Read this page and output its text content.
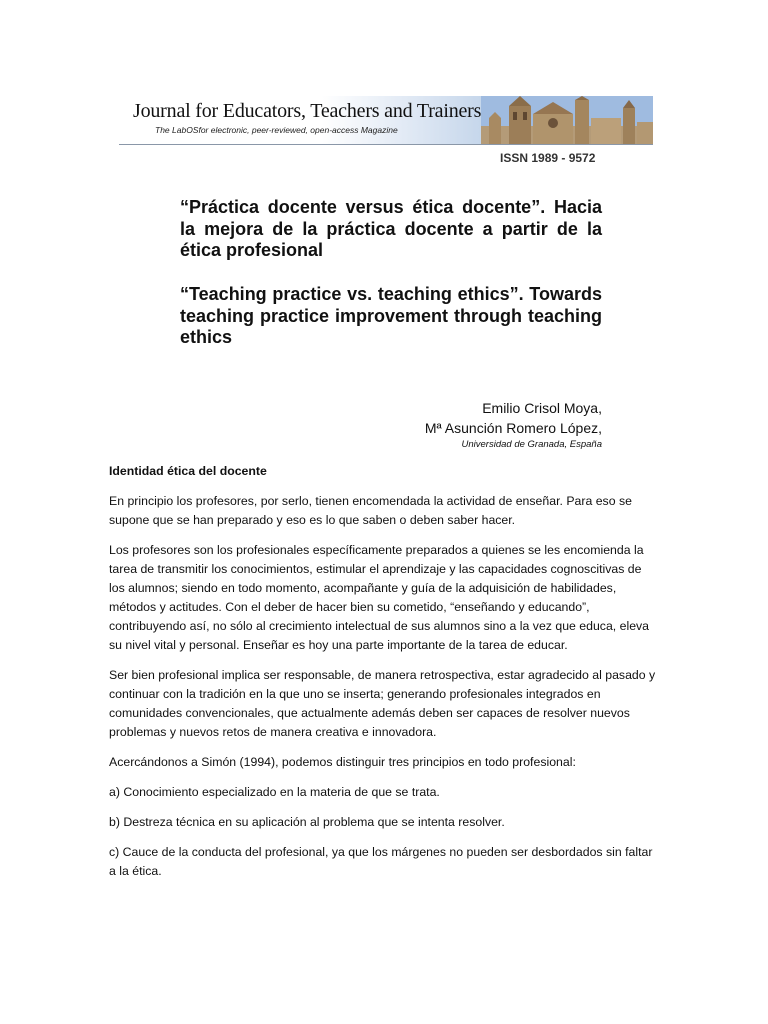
Journal for Educators, Teachers and Trainers
The LabOSfor electronic, peer-reviewed, open-access Magazine
ISSN 1989 - 9572
“Práctica docente versus ética docente”. Hacia la mejora de la práctica docente a partir de la ética profesional
“Teaching practice vs. teaching ethics”. Towards teaching practice improvement through teaching ethics
Emilio Crisol Moya,
Mª Asunción Romero López,
Universidad de Granada, España

Identidad ética del docente

En principio los profesores, por serlo, tienen encomendada la actividad de enseñar. Para eso se supone que se han preparado y eso es lo que saben o deben saber hacer.

Los profesores son los profesionales específicamente preparados a quienes se les encomienda la tarea de transmitir los conocimientos, estimular el aprendizaje y las capacidades cognoscitivas de los alumnos; siendo en todo momento, acompañante y guía de la adquisición de habilidades, métodos y actitudes. Con el deber de hacer bien su cometido, “enseñando y educando”, contribuyendo así, no sólo al crecimiento intelectual de sus alumnos sino a la vez que educa, eleva su nivel vital y personal. Enseñar es hoy una parte importante de la tarea de educar.

Ser bien profesional implica ser responsable, de manera retrospectiva, estar agradecido al pasado y continuar con la tradición en la que uno se inserta; generando profesionales integrados en comunidades convencionales, que actualmente además deben ser capaces de resolver nuevos problemas y nuevos retos de manera creativa e innovadora.

Acercándonos a Simón (1994), podemos distinguir tres principios en todo profesional:

a) Conocimiento especializado en la materia de que se trata.

b) Destreza técnica en su aplicación al problema que se intenta resolver.

c) Cauce de la conducta del profesional, ya que los márgenes no pueden ser desbordados sin faltar a la ética.
